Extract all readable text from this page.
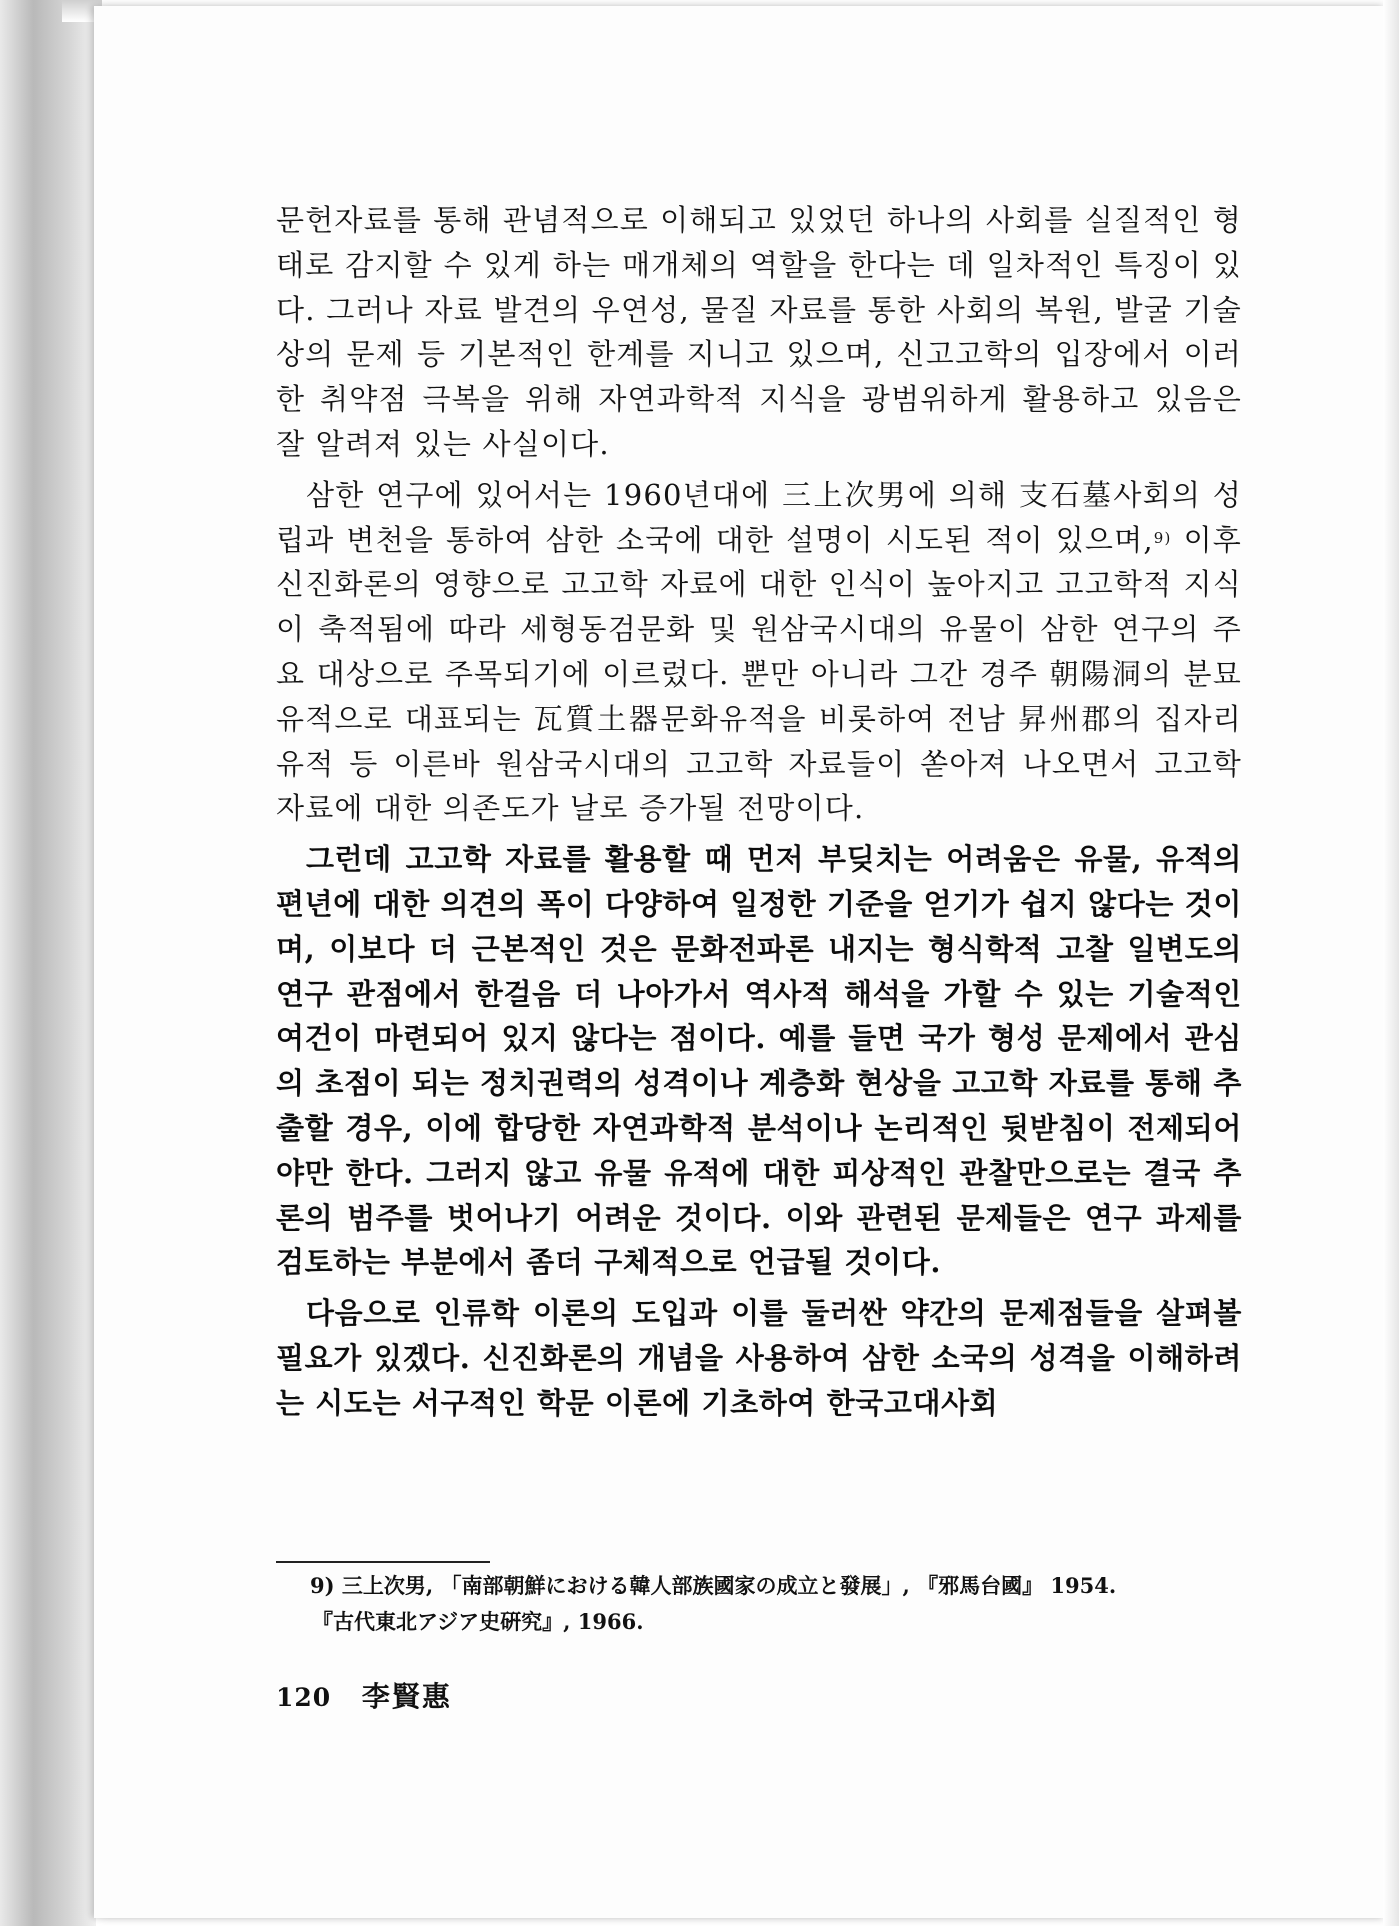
문헌자료를 통해 관념적으로 이해되고 있었던 하나의 사회를 실질적인 형태로 감지할 수 있게 하는 매개체의 역할을 한다는 데 일차적인 특징이 있다. 그러나 자료 발견의 우연성, 물질 자료를 통한 사회의 복원, 발굴 기술상의 문제 등 기본적인 한계를 지니고 있으며, 신고고학의 입장에서 이러한 취약점 극복을 위해 자연과학적 지식을 광범위하게 활용하고 있음은 잘 알려져 있는 사실이다.

삼한 연구에 있어서는 1960년대에 三上次男에 의해 支石墓사회의 성립과 변천을 통하여 삼한 소국에 대한 설명이 시도된 적이 있으며,$^{9)}$ 이후 신진화론의 영향으로 고고학 자료에 대한 인식이 높아지고 고고학적 지식이 축적됨에 따라 세형동검문화 및 원삼국시대의 유물이 삼한 연구의 주요 대상으로 주목되기에 이르렀다. 뿐만 아니라 그간 경주 朝陽洞의 분묘 유적으로 대표되는 瓦質土器문화유적을 비롯하여 전남 昇州郡의 집자리 유적 등 이른바 원삼국시대의 고고학 자료들이 쏟아져 나오면서 고고학 자료에 대한 의존도가 날로 증가될 전망이다.

그런데 고고학 자료를 활용할 때 먼저 부딪치는 어려움은 유물, 유적의 편년에 대한 의견의 폭이 다양하여 일정한 기준을 얻기가 쉽지 않다는 것이며, 이보다 더 근본적인 것은 문화전파론 내지는 형식학적 고찰 일변도의 연구 관점에서 한걸음 더 나아가서 역사적 해석을 가할 수 있는 기술적인 여건이 마련되어 있지 않다는 점이다. 예를 들면 국가 형성 문제에서 관심의 초점이 되는 정치권력의 성격이나 계층화 현상을 고고학 자료를 통해 추출할 경우, 이에 합당한 자연과학적 분석이나 논리적인 뒷받침이 전제되어야만 한다. 그러지 않고 유물 유적에 대한 피상적인 관찰만으로는 결국 추론의 범주를 벗어나기 어려운 것이다. 이와 관련된 문제들은 연구 과제를 검토하는 부분에서 좀더 구체적으로 언급될 것이다.

다음으로 인류학 이론의 도입과 이를 둘러싼 약간의 문제점들을 살펴볼 필요가 있겠다. 신진화론의 개념을 사용하여 삼한 소국의 성격을 이해하려는 시도는 서구적인 학문 이론에 기초하여 한국고대사회

9) 三上次男, 「南部朝鮮における韓人部族國家の成立と發展」, 『邪馬台國』 1954.
『古代東北アジア史硏究』, 1966.
120 李賢惠
